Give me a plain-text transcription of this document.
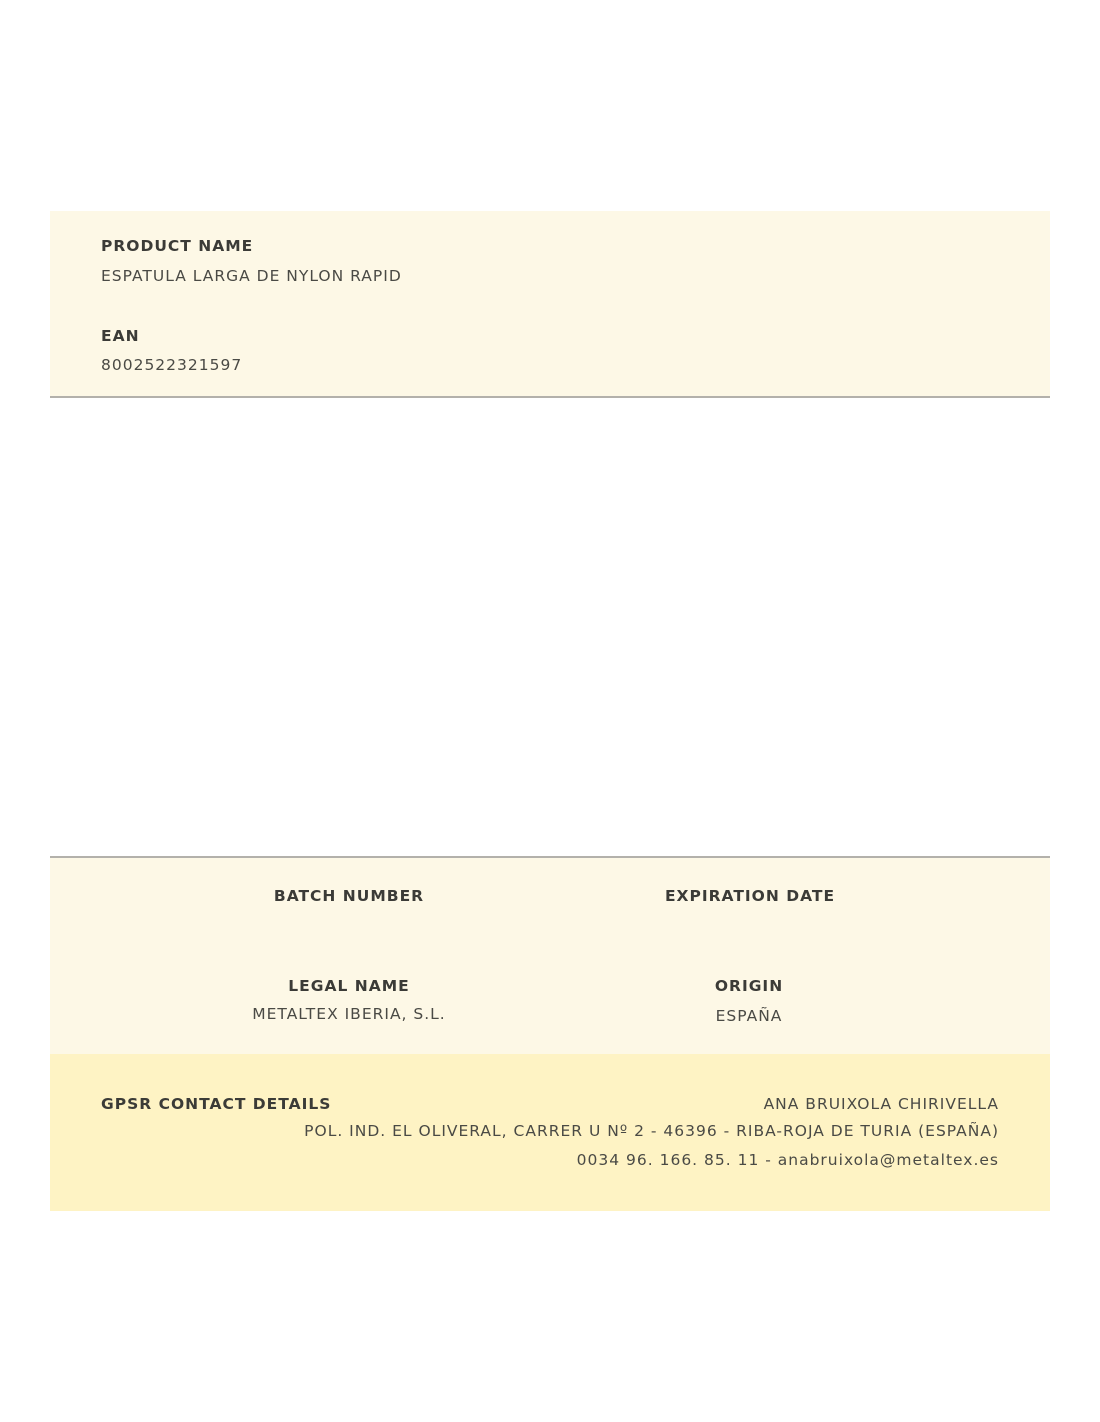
PRODUCT NAME
ESPATULA LARGA DE NYLON RAPID
EAN
8002522321597
BATCH NUMBER	EXPIRATION DATE
LEGAL NAME
METALTEX IBERIA, S.L.
ORIGIN
ESPAÑA
GPSR CONTACT DETAILS	ANA BRUIXOLA CHIRIVELLA
POL. IND. EL OLIVERAL, CARRER U Nº 2 - 46396 - RIBA-ROJA DE TURIA (ESPAÑA)
0034 96. 166. 85. 11 - anabruixola@metaltex.es
